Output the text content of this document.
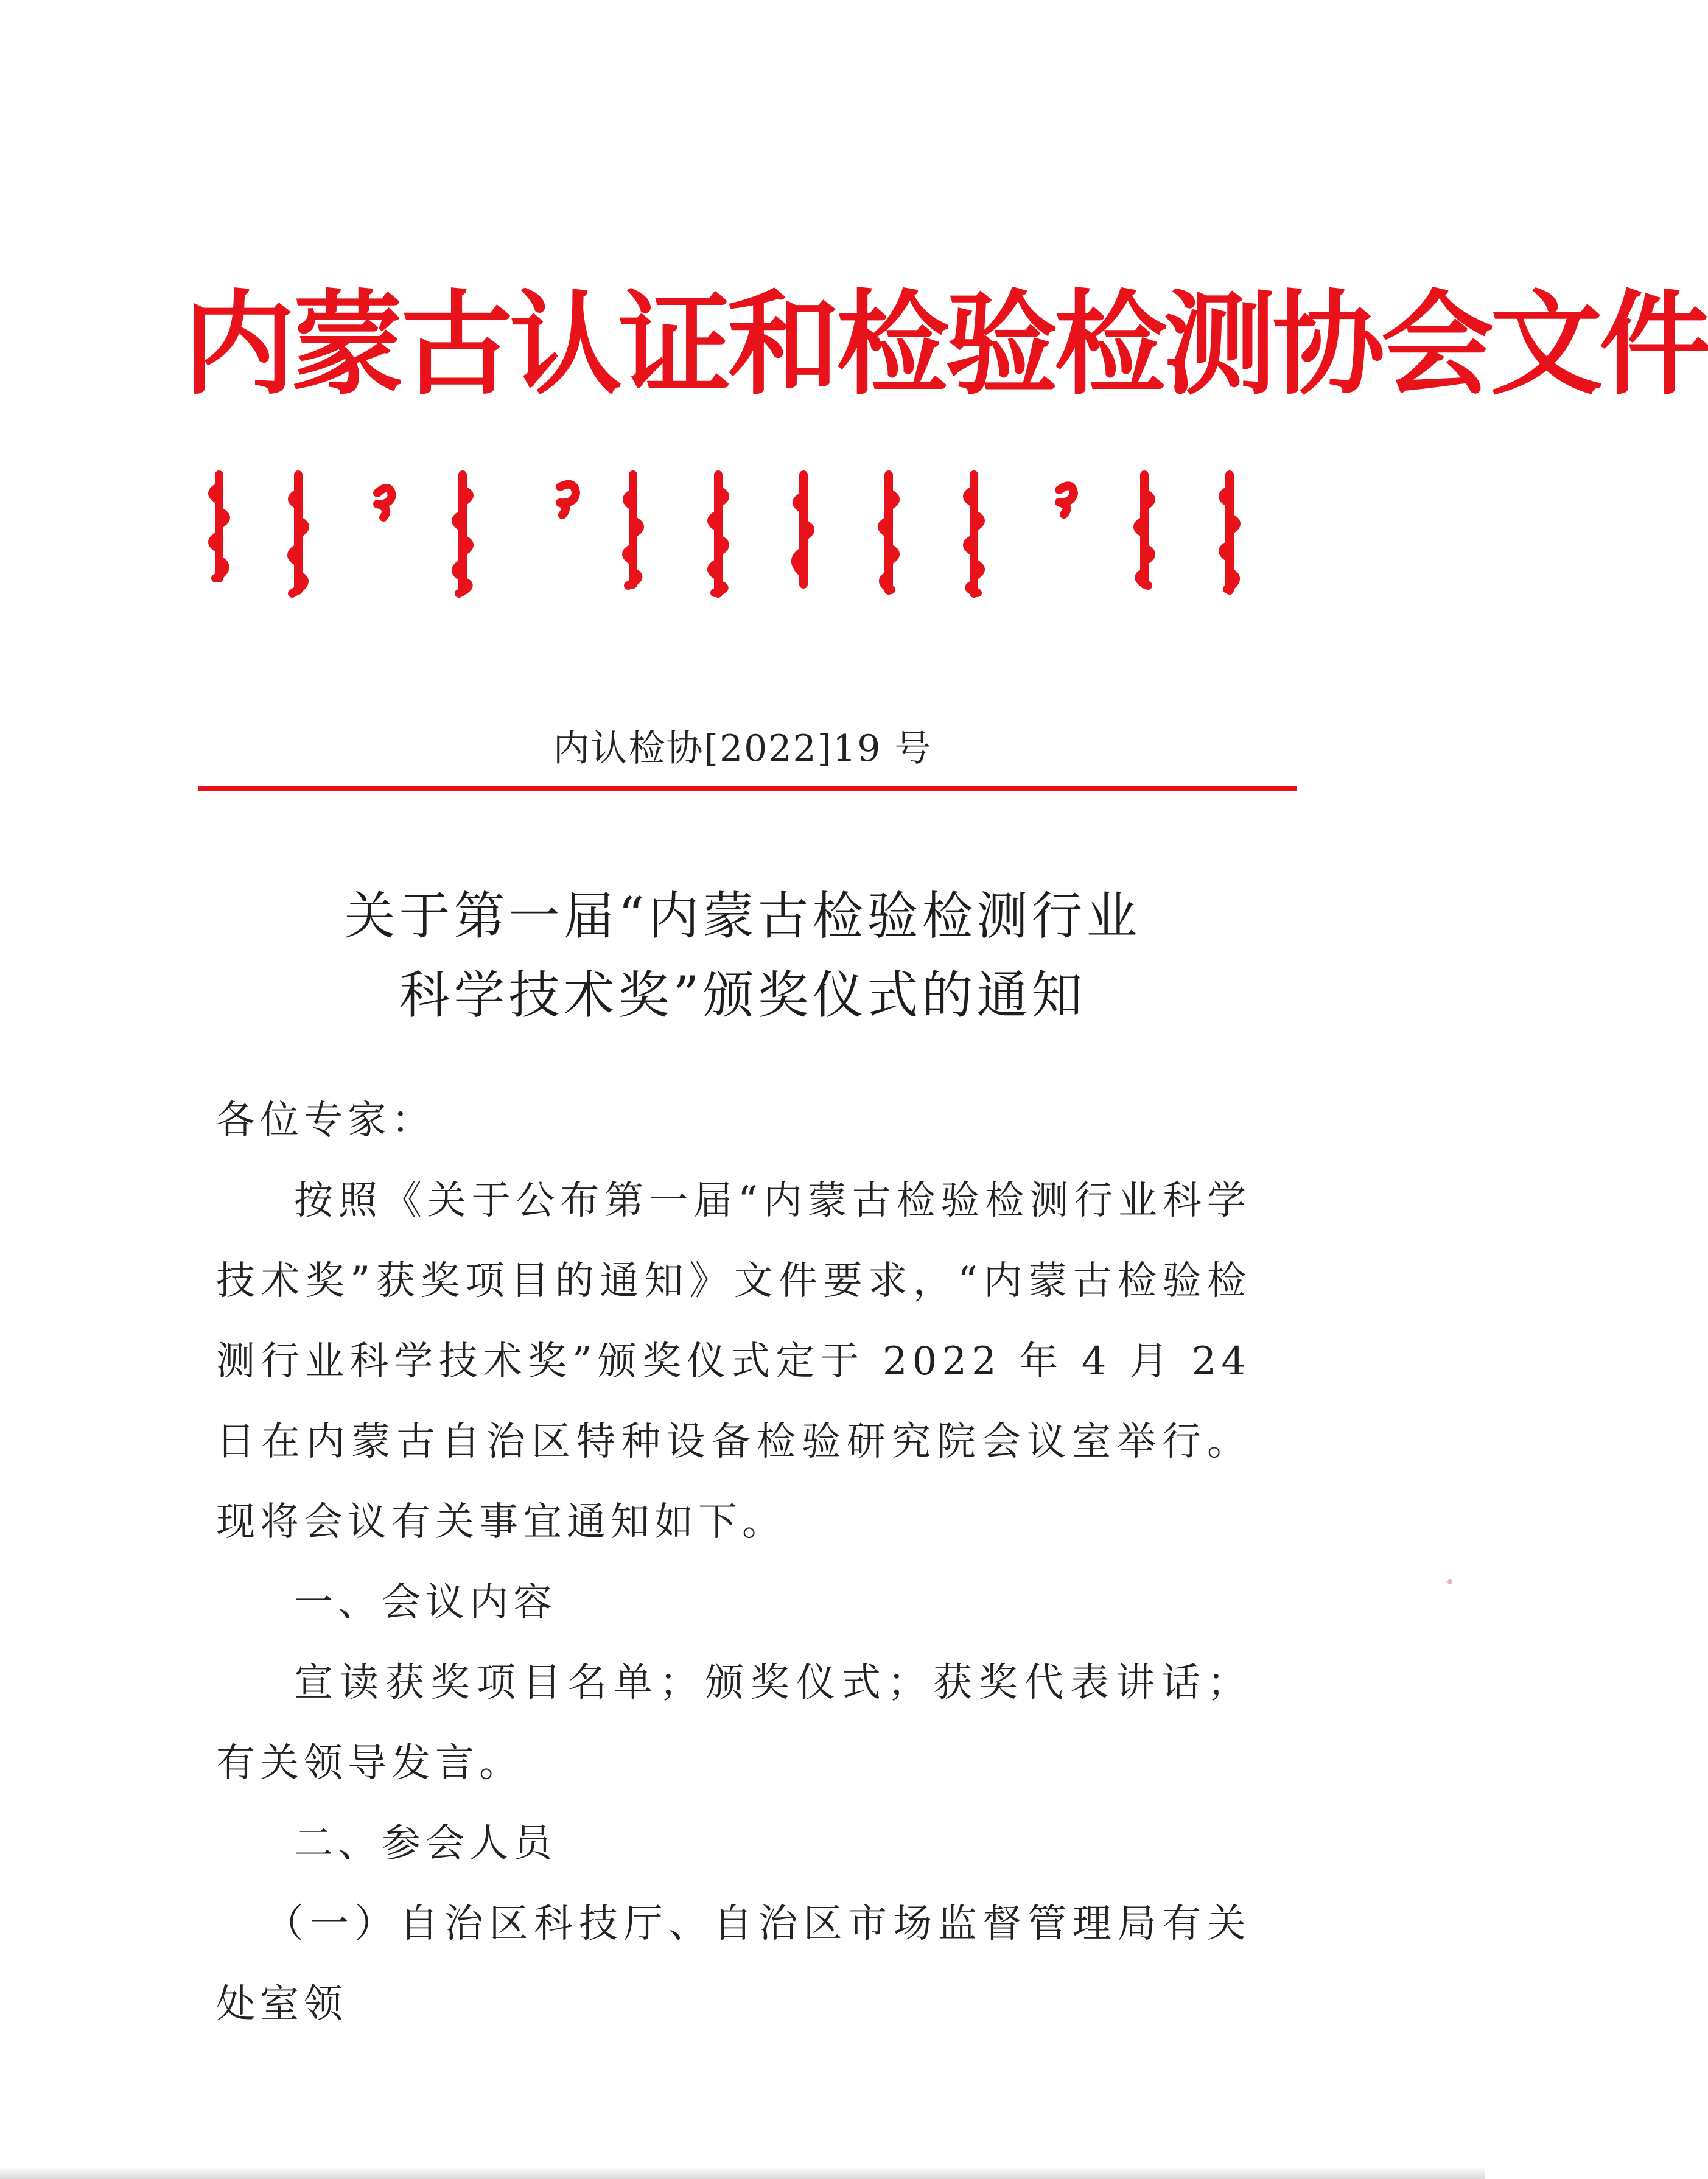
内蒙古认证和检验检测协会文件
内认检协[2022]19 号
关于第一届“内蒙古检验检测行业
科学技术奖”颁奖仪式的通知

各位专家：

按照《关于公布第一届“内蒙古检验检测行业科学技术奖”获奖项目的通知》文件要求，“内蒙古检验检测行业科学技术奖”颁奖仪式定于 2022 年 4 月 24 日在内蒙古自治区特种设备检验研究院会议室举行。现将会议有关事宜通知如下。

一、会议内容

宣读获奖项目名单；颁奖仪式；获奖代表讲话；有关领导发言。

二、参会人员

（一）自治区科技厅、自治区市场监督管理局有关处室领
